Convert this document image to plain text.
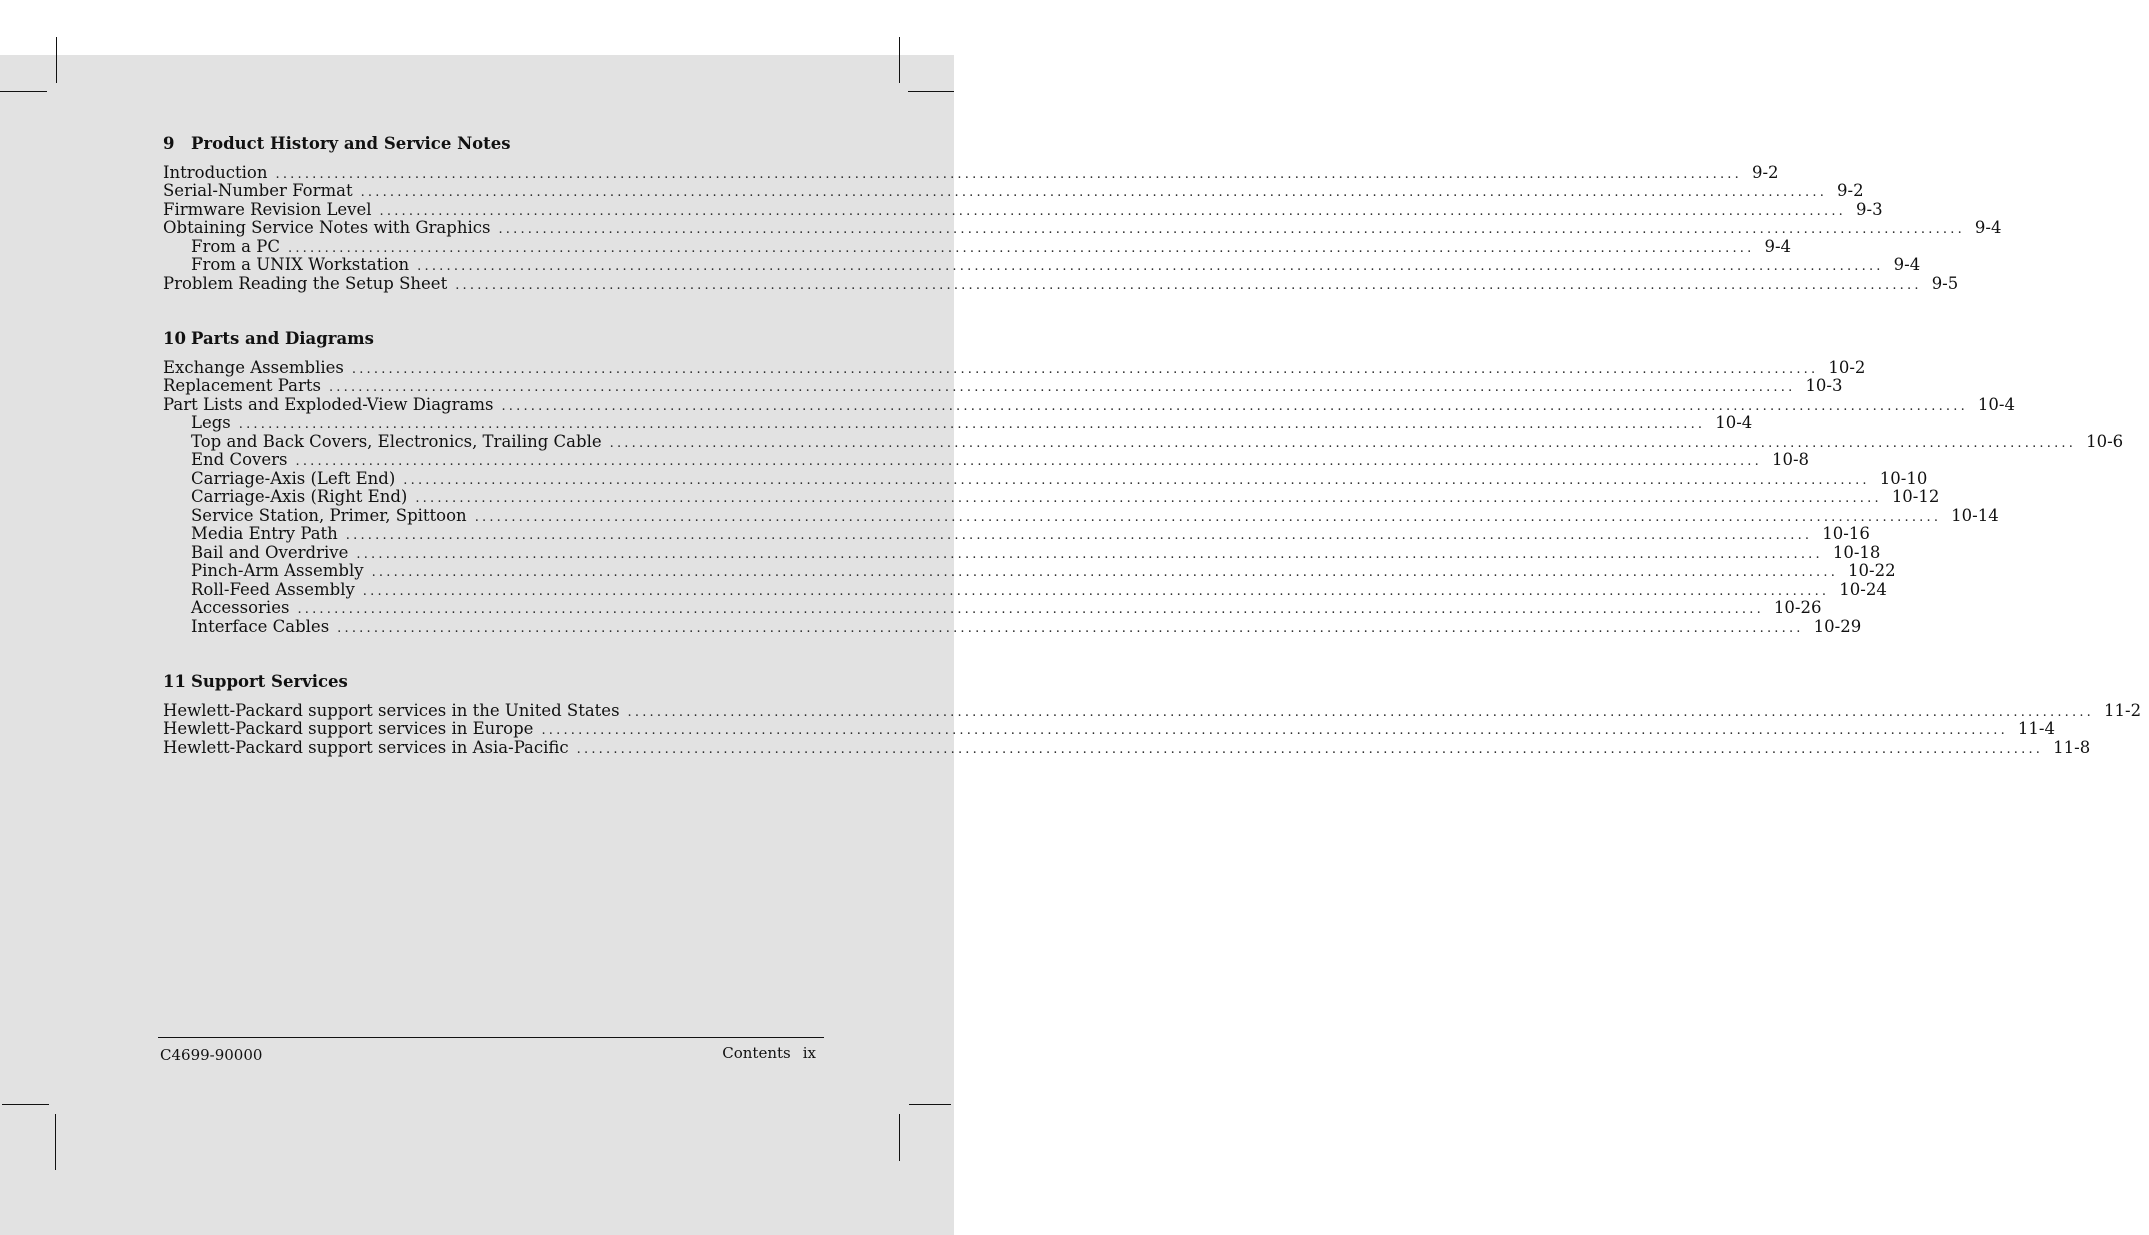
9 Product History and Service Notes
Introduction ........................................................................................................................................................................................................ 9-2
Serial-Number Format ........................................................................................................................................................................................................ 9-2
Firmware Revision Level ........................................................................................................................................................................................................ 9-3
Obtaining Service Notes with Graphics ........................................................................................................................................................................................................ 9-4
From a PC ........................................................................................................................................................................................................ 9-4
From a UNIX Workstation ........................................................................................................................................................................................................ 9-4
Problem Reading the Setup Sheet ........................................................................................................................................................................................................ 9-5
10 Parts and Diagrams
Exchange Assemblies ........................................................................................................................................................................................................ 10-2
Replacement Parts ........................................................................................................................................................................................................ 10-3
Part Lists and Exploded-View Diagrams ........................................................................................................................................................................................................ 10-4
Legs ........................................................................................................................................................................................................ 10-4
Top and Back Covers, Electronics, Trailing Cable ........................................................................................................................................................................................................ 10-6
End Covers ........................................................................................................................................................................................................ 10-8
Carriage-Axis (Left End) ........................................................................................................................................................................................................ 10-10
Carriage-Axis (Right End) ........................................................................................................................................................................................................ 10-12
Service Station, Primer, Spittoon ........................................................................................................................................................................................................ 10-14
Media Entry Path ........................................................................................................................................................................................................ 10-16
Bail and Overdrive ........................................................................................................................................................................................................ 10-18
Pinch-Arm Assembly ........................................................................................................................................................................................................ 10-22
Roll-Feed Assembly ........................................................................................................................................................................................................ 10-24
Accessories ........................................................................................................................................................................................................ 10-26
Interface Cables ........................................................................................................................................................................................................ 10-29
11 Support Services
Hewlett-Packard support services in the United States ........................................................................................................................................................................................................ 11-2
Hewlett-Packard support services in Europe ........................................................................................................................................................................................................ 11-4
Hewlett-Packard support services in Asia-Pacific ........................................................................................................................................................................................................ 11-8
C4699-90000	Contents ix
